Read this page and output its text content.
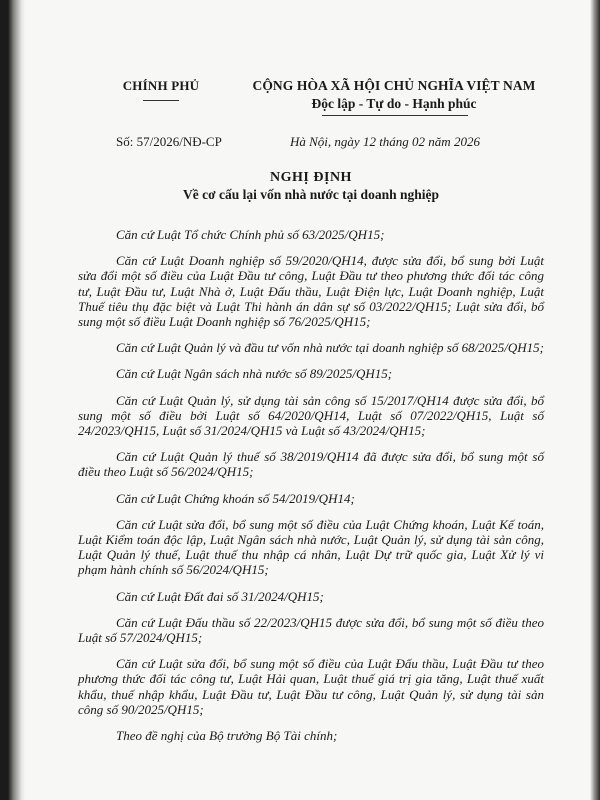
CHÍNH PHỦ	CỘNG HÒA XÃ HỘI CHỦ NGHĨA VIỆT NAM
Độc lập - Tự do - Hạnh phúc
Số: 57/2026/NĐ-CP	Hà Nội, ngày 12 tháng 02 năm 2026
NGHỊ ĐỊNH
Về cơ cấu lại vốn nhà nước tại doanh nghiệp

Căn cứ Luật Tổ chức Chính phủ số 63/2025/QH15;

Căn cứ Luật Doanh nghiệp số 59/2020/QH14, được sửa đổi, bổ sung bởi Luật sửa đổi một số điều của Luật Đầu tư công, Luật Đầu tư theo phương thức đối tác công tư, Luật Đầu tư, Luật Nhà ở, Luật Đấu thầu, Luật Điện lực, Luật Doanh nghiệp, Luật Thuế tiêu thụ đặc biệt và Luật Thi hành án dân sự số 03/2022/QH15; Luật sửa đổi, bổ sung một số điều Luật Doanh nghiệp số 76/2025/QH15;

Căn cứ Luật Quản lý và đầu tư vốn nhà nước tại doanh nghiệp số 68/2025/QH15;

Căn cứ Luật Ngân sách nhà nước số 89/2025/QH15;

Căn cứ Luật Quản lý, sử dụng tài sản công số 15/2017/QH14 được sửa đổi, bổ sung một số điều bởi Luật số 64/2020/QH14, Luật số 07/2022/QH15, Luật số 24/2023/QH15, Luật số 31/2024/QH15 và Luật số 43/2024/QH15;

Căn cứ Luật Quản lý thuế số 38/2019/QH14 đã được sửa đổi, bổ sung một số điều theo Luật số 56/2024/QH15;

Căn cứ Luật Chứng khoán số 54/2019/QH14;

Căn cứ Luật sửa đổi, bổ sung một số điều của Luật Chứng khoán, Luật Kế toán, Luật Kiểm toán độc lập, Luật Ngân sách nhà nước, Luật Quản lý, sử dụng tài sản công, Luật Quản lý thuế, Luật thuế thu nhập cá nhân, Luật Dự trữ quốc gia, Luật Xử lý vi phạm hành chính số 56/2024/QH15;

Căn cứ Luật Đất đai số 31/2024/QH15;

Căn cứ Luật Đấu thầu số 22/2023/QH15 được sửa đổi, bổ sung một số điều theo Luật số 57/2024/QH15;

Căn cứ Luật sửa đổi, bổ sung một số điều của Luật Đấu thầu, Luật Đầu tư theo phương thức đối tác công tư, Luật Hải quan, Luật thuế giá trị gia tăng, Luật thuế xuất khẩu, thuế nhập khẩu, Luật Đầu tư, Luật Đầu tư công, Luật Quản lý, sử dụng tài sản công số 90/2025/QH15;

Theo đề nghị của Bộ trưởng Bộ Tài chính;
